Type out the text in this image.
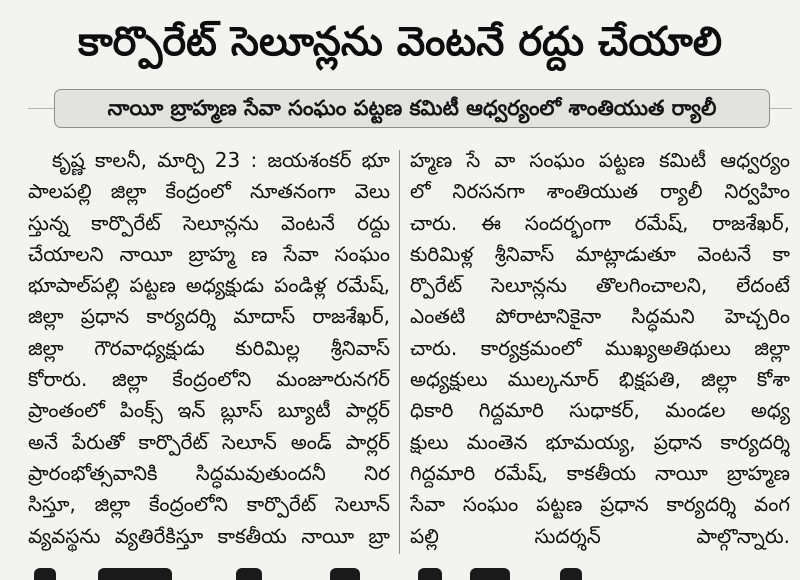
కార్పొరేట్ సెలూన్లను వెంటనే రద్దు చేయాలి
నాయీ బ్రాహ్మణ సేవా సంఘం పట్టణ కమిటీ ఆధ్వర్యంలో శాంతియుత ర్యాలీ
కృష్ణ కాలనీ, మార్చి 23 : జయశంకర్ భూ
పాలపల్లి జిల్లా కేంద్రంలో నూతనంగా వెలు
స్తున్న కార్పొరేట్ సెలూన్లను వెంటనే రద్దు
చేయాలని నాయీ బ్రాహ్మ ణ సేవా సంఘం
భూపాల్‌పల్లి పట్టణ అధ్యక్షుడు పండిళ్ల రమేష్,
జిల్లా ప్రధాన కార్యదర్శి మాదాస్ రాజశేఖర్,
జిల్లా గౌరవాధ్యక్షుడు కురిమిల్ల శ్రీనివాస్
కోరారు. జిల్లా కేంద్రంలోని మంజూరునగర్
ప్రాంతంలో పింక్స్ ఇన్ బ్లూస్ బ్యూటీ పార్లర్
అనే పేరుతో కార్పొరేట్ సెలూన్ అండ్ పార్లర్
ప్రారంభోత్సవానికి సిద్ధమవుతుందనీ నిర
సిస్తూ, జిల్లా కేంద్రంలోని కార్పొరేట్ సెలూన్
వ్యవస్థను వ్యతిరేకిస్తూ కాకతీయ నాయీ బ్రా
హ్మణ సే వా సంఘం పట్టణ కమిటీ ఆధ్వర్యం
లో నిరసనగా శాంతియుత ర్యాలీ నిర్వహిం
చారు. ఈ సందర్భంగా రమేష్, రాజశేఖర్,
కురిమిళ్ల శ్రీనివాస్ మాట్లాడుతూ వెంటనే కా
ర్పొరేట్ సెలూన్లను తొలగించాలని, లేదంటే
ఎంతటి పోరాటానికైనా సిద్ధమని హెచ్చరిం
చారు. కార్యక్రమంలో ముఖ్యఅతిథులు జిల్లా
అధ్యక్షులు ముల్కనూర్ భిక్షపతి, జిల్లా కోశా
ధికారి గిద్దమారి సుధాకర్, మండల అధ్య
క్షులు మంతెన భూమయ్య, ప్రధాన కార్యదర్శి
గిద్దమారి రమేష్, కాకతీయ నాయీ బ్రాహ్మణ
సేవా సంఘం పట్టణ ప్రధాన కార్యదర్శి వంగ
పల్లి సుదర్శన్ పాల్గొన్నారు.
